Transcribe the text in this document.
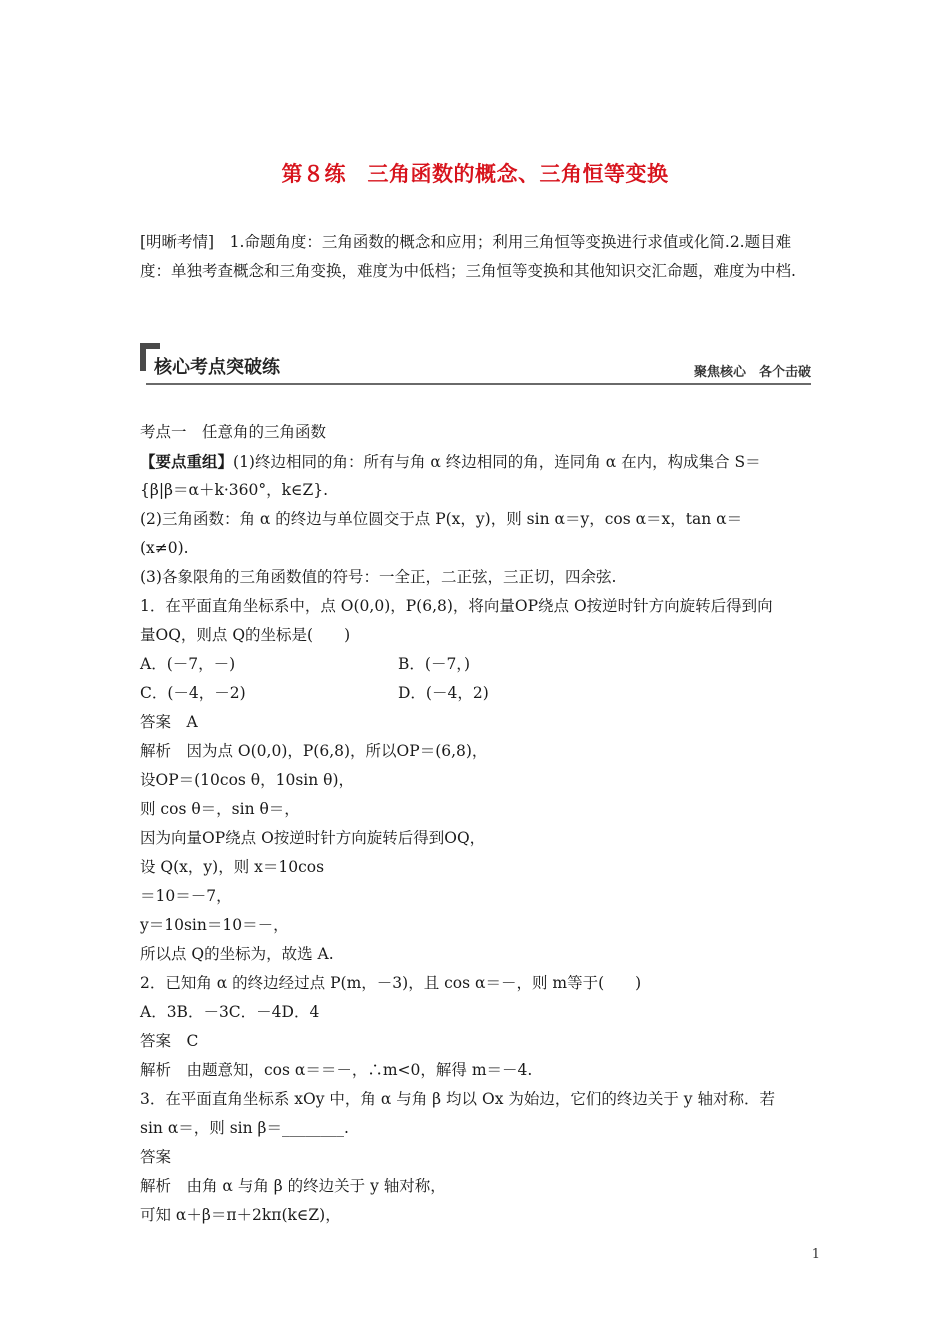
第８练　三角函数的概念、三角恒等变换

[明晰考情]　1.命题角度：三角函数的概念和应用；利用三角恒等变换进行求值或化简.2.题目难度：单独考查概念和三角变换，难度为中低档；三角恒等变换和其他知识交汇命题，难度为中档.

核心考点突破练	聚焦核心　各个击破
考点一　任意角的三角函数
【要点重组】(1)终边相同的角：所有与角 α 终边相同的角，连同角 α 在内，构成集合 S＝
{β|β＝α＋k·360°，k∈Z}.
(2)三角函数：角 α 的终边与单位圆交于点 P(x，y)，则 sin α＝y，cos α＝x，tan α＝
(x≠0).
(3)各象限角的三角函数值的符号：一全正，二正弦，三正切，四余弦.
1．在平面直角坐标系中，点 O(0,0)，P(6,8)，将向量OP绕点 O按逆时针方向旋转后得到向
量OQ，则点 Q的坐标是(　　)
A．(－7，－)	B．(－7，)
C．(－4，－2)	D．(－4，2)
答案　A
解析　因为点 O(0,0)，P(6,8)，所以OP＝(6,8)，
设OP＝(10cos θ，10sin θ)，
则 cos θ＝，sin θ＝，
因为向量OP绕点 O按逆时针方向旋转后得到OQ，
设 Q(x，y)，则 x＝10cos
＝10＝－7，
y＝10sin＝10＝－，
所以点 Q的坐标为，故选 A.
2．已知角 α 的终边经过点 P(m，－3)，且 cos α＝－，则 m等于(　　)
A．3B．－3C．－4D．4
答案　C
解析　由题意知，cos α＝＝－，∴m<0，解得 m＝－4.
3．在平面直角坐标系 xOy 中，角 α 与角 β 均以 Ox 为始边，它们的终边关于 y 轴对称．若
sin α＝，则 sin β＝________.
答案
解析　由角 α 与角 β 的终边关于 y 轴对称，
可知 α＋β＝π＋2kπ(k∈Z)，
1
